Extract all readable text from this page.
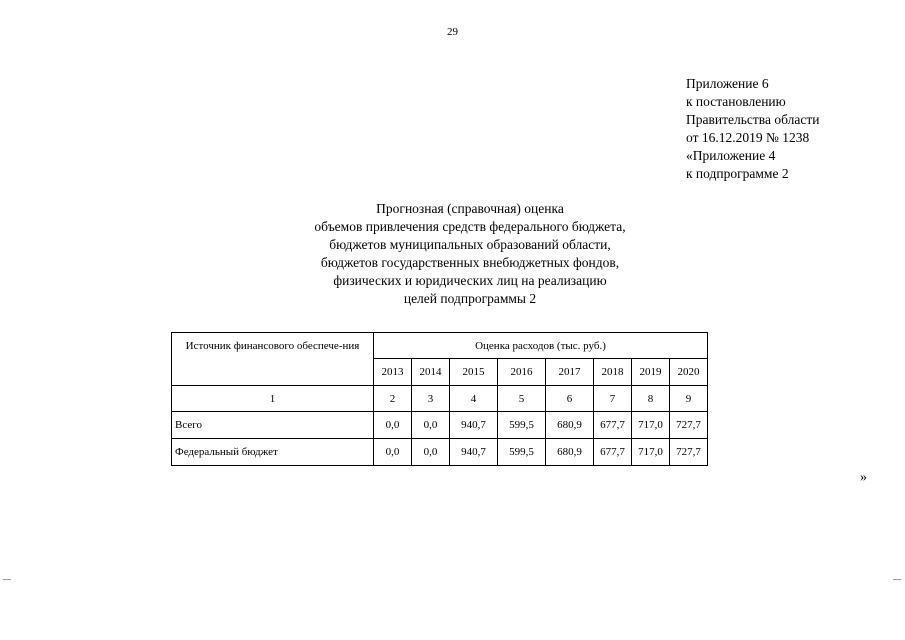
29
Приложение 6
к постановлению
Правительства области
от 16.12.2019 № 1238
«Приложение 4
к подпрограмме 2
Прогнозная (справочная) оценка
объемов привлечения средств федерального бюджета,
бюджетов муниципальных образований области,
бюджетов государственных внебюджетных фондов,
физических и юридических лиц на реализацию
целей подпрограммы 2
Источник финансового обеспече-ния	Оценка расходов (тыс. руб.)							
	2013	2014	2015	2016	2017	2018	2019	2020
1	2	3	4	5	6	7	8	9
Всего	0,0	0,0	940,7	599,5	680,9	677,7	717,0	727,7
Федеральный бюджет	0,0	0,0	940,7	599,5	680,9	677,7	717,0	727,7
»
